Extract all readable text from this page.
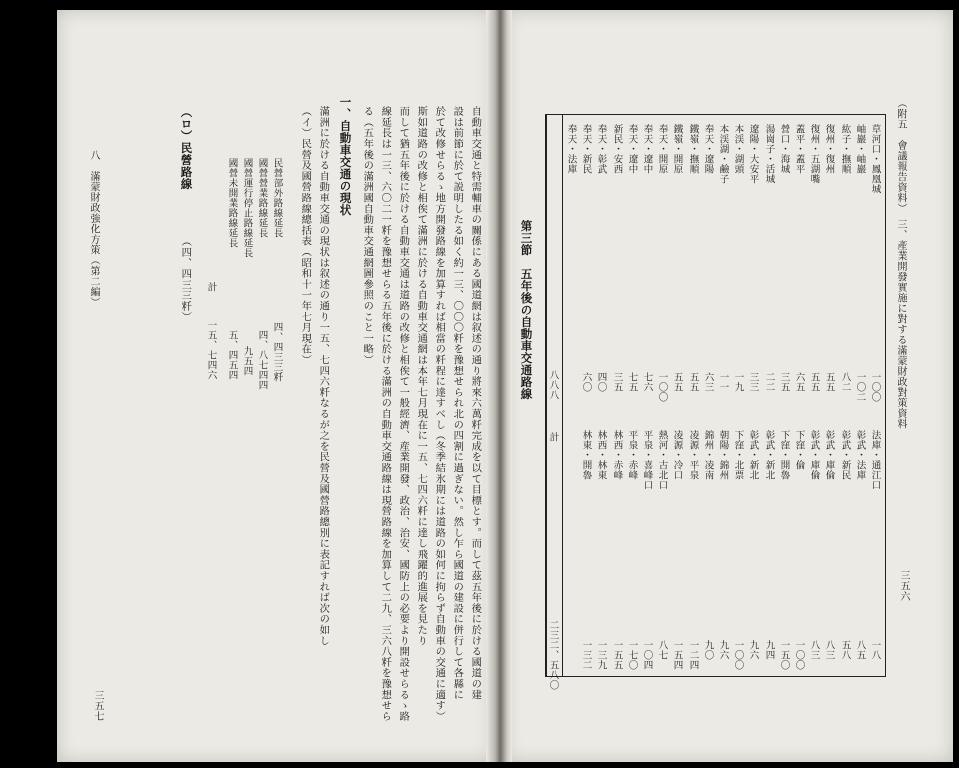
八　滿蒙財政強化方策（第二編）
三五七
自動車交通と特需輔車の關係にある國道網は叙述の通り將來六萬粁完成を以て目標とす。而して茲五年後に於ける國道の建
設は前節に於て説明したる如く約一三、〇〇〇粁を豫想せられ北の四割に過ぎない。然し乍ら國道の建設に併行して各縣に
於て改修せらるゝ地方開發路線を加算すれば相當の粁程に達すべし（冬季結氷期には道路の如何に拘らず自動車の交通に適す）
斯如道路の改修と相俟て滿洲に於ける自動車交通網は本年七月現在に一五、七四六粁に達し飛躍的進展を見たり
而して猶五年後に於ける自動車交通は道路の改修と相俟て一般經濟、産業開發、政治、治安、國防上の必要より開設せらるゝ路
線延長は一三、六〇二一粁を豫想せらる五年後に於ける滿洲の自動車交通路線は現營路線を加算して二九、三六八粁を豫想せら
る（五年後の滿洲國自動車交通網圖參照のこと一略）
一、自動車交通の現状
滿洲に於ける自動車交通の現状は叙述の通り一五、七四六粁なるが之を民營及國營路總別に表記すれば次の如し
（イ）民營及國營路線總括表（昭和十一年七月現在）
民營部外路線延長
四、四三三粁
國營營業路線延長
四、八七四四
國營運行停止路線延長
九五四
國營未開業路線延長
五、四五四
計
一五、七四六
（ロ）民營路線
（四、四三三粁）	（附五　會議報告資料）　三、產業開發實施に對する滿蒙財政對策資料
三五六
第三節　五年後の自動車交通路線
草河口・鳳凰城
一〇〇
法庫・通江口
一八
岫巖・岫巖
一〇二
彰武・法庫
八五
紘子・撫順
八二
彰武・新民
五八
復州・復州
五五
彰武・庫倫
八三
復州・五湖嘴
五五
彰武・庫倫
八三
蓋平・蓋平
六五
下窪・倫
一〇〇
營口・海城
三五
下窪・開魯
一五〇
湯崗子・活城
二二
彰武・新北
九四
遼陽・大安平
三三
彰武・新北
九六
本渓・湖頭
一九
下窪・北票
一〇〇
本渓湖・鹼子
一一
朝陽・錦州
九六
奉天・遼陽
六三
錦州・凌南
九〇
鐵嶺・撫順
五五
凌源・平泉
一二四
鐵嶺・開原
五五
凌源・冷口
一五四
奉天・開原
一〇〇
熱河・古北口
八七
奉天・遼中
七六
平泉・喜峰口
一〇四
奉天・遼中
七五
平泉・赤峰
一七〇
新民・安西
三五
林西・赤峰
一五五
奉天・彰武
四〇
林西・林東
一三九
奉天・新民
六〇
林東・開魯
一三二
奉天・法庫
計
八八八
二三二、五八〇
